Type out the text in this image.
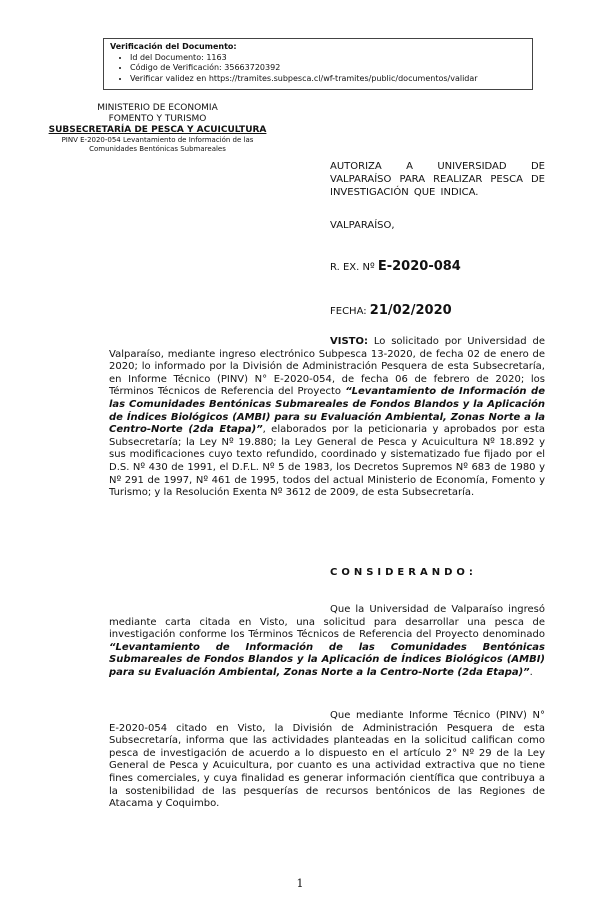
Verificación del Documento:
• Id del Documento: 1163
• Código de Verificación: 35663720392
• Verificar validez en https://tramites.subpesca.cl/wf-tramites/public/documentos/validar
MINISTERIO DE ECONOMIA
FOMENTO Y TURISMO
SUBSECRETARÍA DE PESCA Y ACUICULTURA
PINV E-2020-054 Levantamiento de Información de las
Comunidades Bentónicas Submareales
AUTORIZA A UNIVERSIDAD DE VALPARAÍSO PARA REALIZAR PESCA DE INVESTIGACIÓN QUE INDICA.
VALPARAÍSO,
R. EX. Nº E-2020-084
FECHA: 21/02/2020
VISTO: Lo solicitado por Universidad de Valparaíso, mediante ingreso electrónico Subpesca 13-2020, de fecha 02 de enero de 2020; lo informado por la División de Administración Pesquera de esta Subsecretaría, en Informe Técnico (PINV) N° E-2020-054, de fecha 06 de febrero de 2020; los Términos Técnicos de Referencia del Proyecto “Levantamiento de Información de las Comunidades Bentónicas Submareales de Fondos Blandos y la Aplicación de Índices Biológicos (AMBI) para su Evaluación Ambiental, Zonas Norte a la Centro-Norte (2da Etapa)”, elaborados por la peticionaria y aprobados por esta Subsecretaría; la Ley Nº 19.880; la Ley General de Pesca y Acuicultura Nº 18.892 y sus modificaciones cuyo texto refundido, coordinado y sistematizado fue fijado por el D.S. Nº 430 de 1991, el D.F.L. Nº 5 de 1983, los Decretos Supremos Nº 683 de 1980 y Nº 291 de 1997, Nº 461 de 1995, todos del actual Ministerio de Economía, Fomento y Turismo; y la Resolución Exenta Nº 3612 de 2009, de esta Subsecretaría.
CONSIDERANDO:
Que la Universidad de Valparaíso ingresó mediante carta citada en Visto, una solicitud para desarrollar una pesca de investigación conforme los Términos Técnicos de Referencia del Proyecto denominado “Levantamiento de Información de las Comunidades Bentónicas Submareales de Fondos Blandos y la Aplicación de Índices Biológicos (AMBI) para su Evaluación Ambiental, Zonas Norte a la Centro-Norte (2da Etapa)”.
Que mediante Informe Técnico (PINV) N° E-2020-054 citado en Visto, la División de Administración Pesquera de esta Subsecretaría, informa que las actividades planteadas en la solicitud califican como pesca de investigación de acuerdo a lo dispuesto en el artículo 2° Nº 29 de la Ley General de Pesca y Acuicultura, por cuanto es una actividad extractiva que no tiene fines comerciales, y cuya finalidad es generar información científica que contribuya a la sostenibilidad de las pesquerías de recursos bentónicos de las Regiones de Atacama y Coquimbo.
1
